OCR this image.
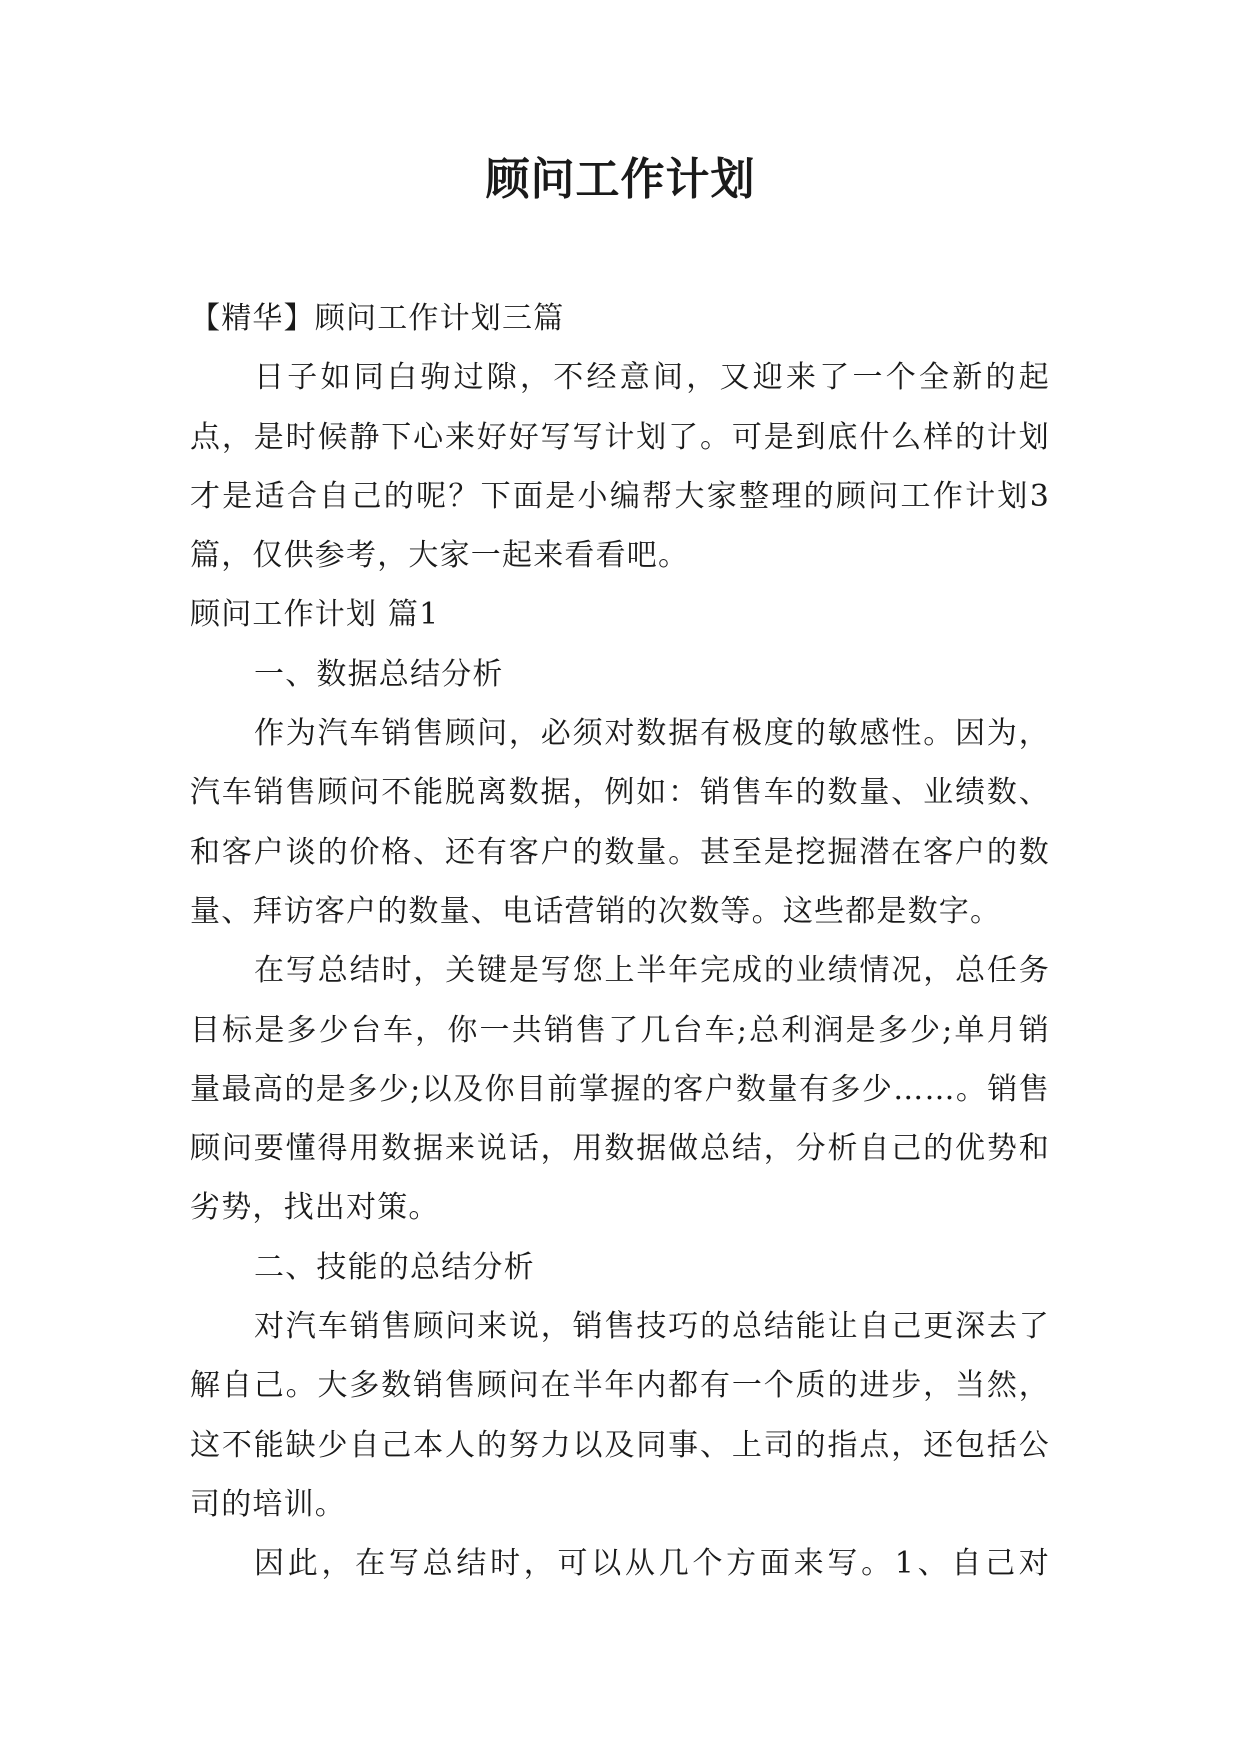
顾问工作计划

【精华】顾问工作计划三篇

日子如同白驹过隙，不经意间，又迎来了一个全新的起点，是时候静下心来好好写写计划了。可是到底什么样的计划才是适合自己的呢？下面是小编帮大家整理的顾问工作计划3篇，仅供参考，大家一起来看看吧。

顾问工作计划 篇1

一、数据总结分析

作为汽车销售顾问，必须对数据有极度的敏感性。因为，汽车销售顾问不能脱离数据，例如：销售车的数量、业绩数、和客户谈的价格、还有客户的数量。甚至是挖掘潜在客户的数量、拜访客户的数量、电话营销的次数等。这些都是数字。

在写总结时，关键是写您上半年完成的业绩情况，总任务目标是多少台车，你一共销售了几台车;总利润是多少;单月销量最高的是多少;以及你目前掌握的客户数量有多少……。销售顾问要懂得用数据来说话，用数据做总结，分析自己的优势和劣势，找出对策。

二、技能的总结分析

对汽车销售顾问来说，销售技巧的总结能让自己更深去了解自己。大多数销售顾问在半年内都有一个质的进步，当然，这不能缺少自己本人的努力以及同事、上司的指点，还包括公司的培训。

因此，在写总结时，可以从几个方面来写。1、自己对
